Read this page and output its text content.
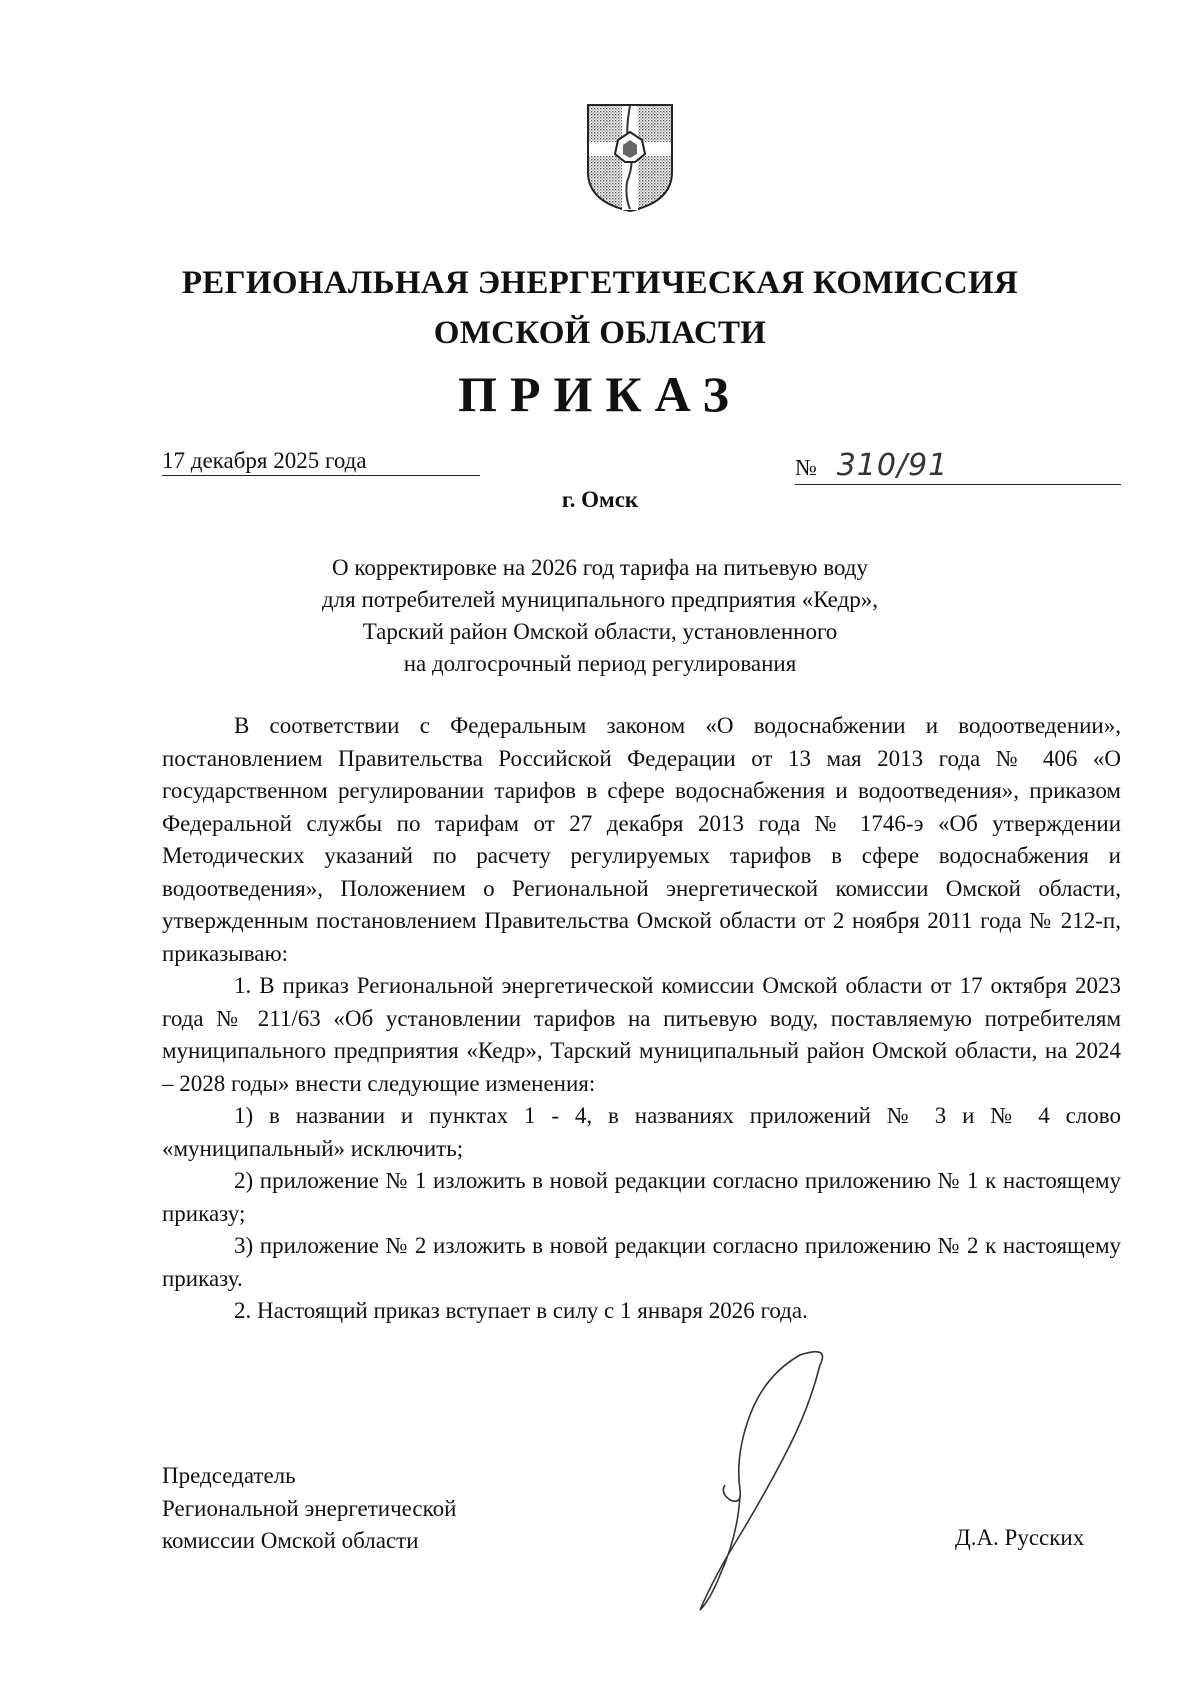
РЕГИОНАЛЬНАЯ ЭНЕРГЕТИЧЕСКАЯ КОМИССИЯ
ОМСКОЙ ОБЛАСТИ
ПРИКАЗ
17 декабря 2025 года	№ 310/91
г. Омск
О корректировке на 2026 год тарифа на питьевую воду
для потребителей муниципального предприятия «Кедр»,
Тарский район Омской области, установленного
на долгосрочный период регулирования

В соответствии с Федеральным законом «О водоснабжении и водоотведении», постановлением Правительства Российской Федерации от 13 мая 2013 года № 406 «О государственном регулировании тарифов в сфере водоснабжения и водоотведения», приказом Федеральной службы по тарифам от 27 декабря 2013 года № 1746-э «Об утверждении Методических указаний по расчету регулируемых тарифов в сфере водоснабжения и водоотведения», Положением о Региональной энергетической комиссии Омской области, утвержденным постановлением Правительства Омской области от 2 ноября 2011 года № 212-п, приказываю:

1. В приказ Региональной энергетической комиссии Омской области от 17 октября 2023 года № 211/63 «Об установлении тарифов на питьевую воду, поставляемую потребителям муниципального предприятия «Кедр», Тарский муниципальный район Омской области, на 2024 – 2028 годы» внести следующие изменения:

1) в названии и пунктах 1 - 4, в названиях приложений № 3 и № 4 слово «муниципальный» исключить;

2) приложение № 1 изложить в новой редакции согласно приложению № 1 к настоящему приказу;

3) приложение № 2 изложить в новой редакции согласно приложению № 2 к настоящему приказу.

2. Настоящий приказ вступает в силу с 1 января 2026 года.

Председатель
Региональной энергетической
комиссии Омской области	Д.А. Русских
